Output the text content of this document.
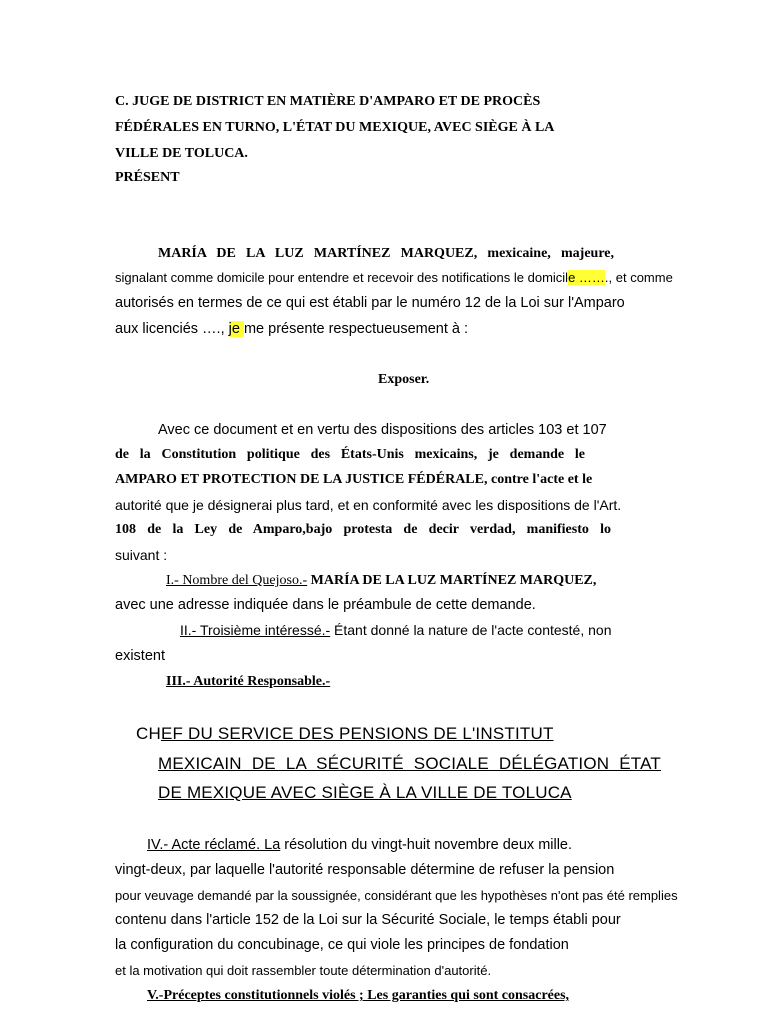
C. JUGE DE DISTRICT EN MATIÈRE D'AMPARO ET DE PROCÈS
FÉDÉRALES EN TURNO, L'ÉTAT DU MEXIQUE, AVEC SIÈGE À LA
VILLE DE TOLUCA.
PRÉSENT
MARÍA DE LA LUZ MARTÍNEZ MARQUEZ, mexicaine, majeure,
signalant comme domicile pour entendre et recevoir des notifications le domicile ……., et comme
autorisés en termes de ce qui est établi par le numéro 12 de la Loi sur l'Amparo
aux licenciés …., je me présente respectueusement à :
Exposer.
Avec ce document et en vertu des dispositions des articles 103 et 107
de la Constitution politique des États-Unis mexicains, je demande le
AMPARO ET PROTECTION DE LA JUSTICE FÉDÉRALE, contre l'acte et le
autorité que je désignerai plus tard, et en conformité avec les dispositions de l'Art.
108 de la Ley de Amparo,bajo protesta de decir verdad, manifiesto lo
suivant :
I.- Nombre del Quejoso.- MARÍA DE LA LUZ MARTÍNEZ MARQUEZ,
avec une adresse indiquée dans le préambule de cette demande.
II.- Troisième intéressé.- Étant donné la nature de l'acte contesté, non
existent
III.- Autorité Responsable.-
CHEF DU SERVICE DES PENSIONS DE L'INSTITUT
MEXICAIN DE LA SÉCURITÉ SOCIALE DÉLÉGATION ÉTAT
DE MEXIQUE AVEC SIÈGE À LA VILLE DE TOLUCA
IV.- Acte réclamé. La résolution du vingt-huit novembre deux mille.
vingt-deux, par laquelle l'autorité responsable détermine de refuser la pension
pour veuvage demandé par la soussignée, considérant que les hypothèses n'ont pas été remplies
contenu dans l'article 152 de la Loi sur la Sécurité Sociale, le temps établi pour
la configuration du concubinage, ce qui viole les principes de fondation
et la motivation qui doit rassembler toute détermination d'autorité.
V.-Préceptes constitutionnels violés ; Les garanties qui sont consacrées,
